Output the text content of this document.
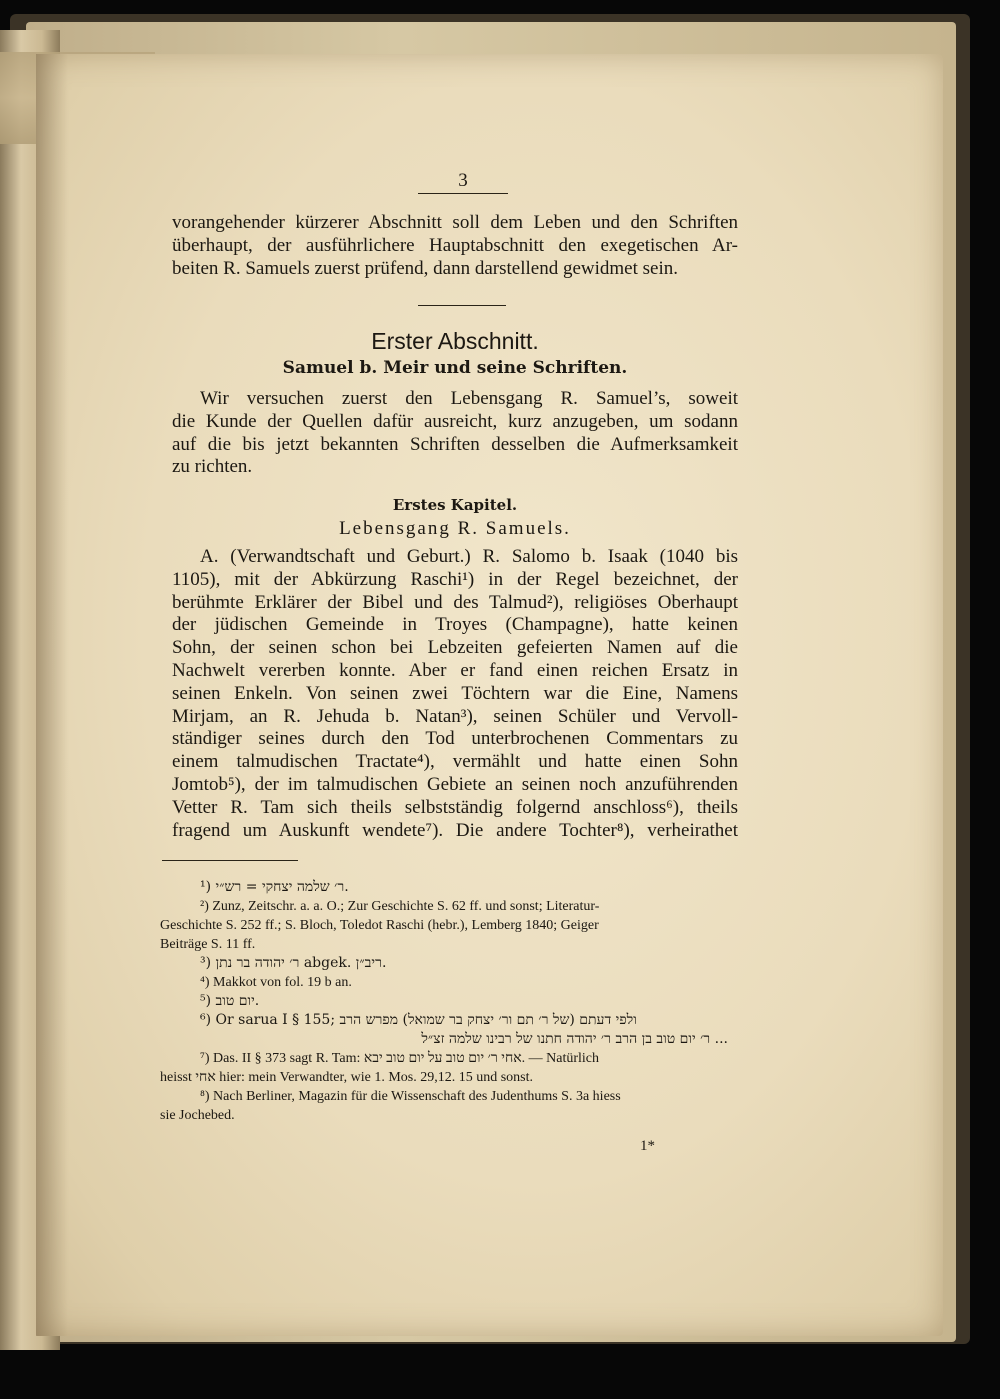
3
vorangehender kürzerer Abschnitt soll dem Leben und den Schriften
überhaupt, der ausführlichere Hauptabschnitt den exegetischen Ar-
beiten R. Samuels zuerst prüfend, dann darstellend gewidmet sein.
Erster Abschnitt.
Samuel b. Meir und seine Schriften.
Wir versuchen zuerst den Lebensgang R. Samuel’s, soweit
die Kunde der Quellen dafür ausreicht, kurz anzugeben, um sodann
auf die bis jetzt bekannten Schriften desselben die Aufmerksamkeit
zu richten.
Erstes Kapitel.
Lebensgang R. Samuels.
A. (Verwandtschaft und Geburt.) R. Salomo b. Isaak (1040 bis
1105), mit der Abkürzung Raschi¹) in der Regel bezeichnet, der
berühmte Erklärer der Bibel und des Talmud²), religiöses Oberhaupt
der jüdischen Gemeinde in Troyes (Champagne), hatte keinen
Sohn, der seinen schon bei Lebzeiten gefeierten Namen auf die
Nachwelt vererben konnte. Aber er fand einen reichen Ersatz in
seinen Enkeln. Von seinen zwei Töchtern war die Eine, Namens
Mirjam, an R. Jehuda b. Natan³), seinen Schüler und Vervoll-
ständiger seines durch den Tod unterbrochenen Commentars zu
einem talmudischen Tractate⁴), vermählt und hatte einen Sohn
Jomtob⁵), der im talmudischen Gebiete an seinen noch anzuführenden
Vetter R. Tam sich theils selbstständig folgernd anschloss⁶), theils
fragend um Auskunft wendete⁷). Die andere Tochter⁸), verheirathet
¹) ר׳ שלמה יצחקי = רש״י.
²) Zunz, Zeitschr. a. a. O.; Zur Geschichte S. 62 ff. und sonst; Literatur-
Geschichte S. 252 ff.; S. Bloch, Toledot Raschi (hebr.), Lemberg 1840; Geiger
Beiträge S. 11 ff.
³) ר׳ יהודה בר נתן abgek. ריב״ן.
⁴) Makkot von fol. 19 b an.
⁵) יום טוב.
⁶) Or sarua I § 155; ולפי דעתם (של ר׳ תם ור׳ יצחק בר שמואל) מפרש הרב
ר׳ יום טוב בן הרב ר׳ יהודה חתנו של רבינו שלמה זצ״ל ...
⁷) Das. II § 373 sagt R. Tam: אחי ר׳ יום טוב על יום טוב יבא. — Natürlich
heisst אחי hier: mein Verwandter, wie 1. Mos. 29,12. 15 und sonst.
⁸) Nach Berliner, Magazin für die Wissenschaft des Judenthums S. 3a hiess
sie Jochebed.
1*
